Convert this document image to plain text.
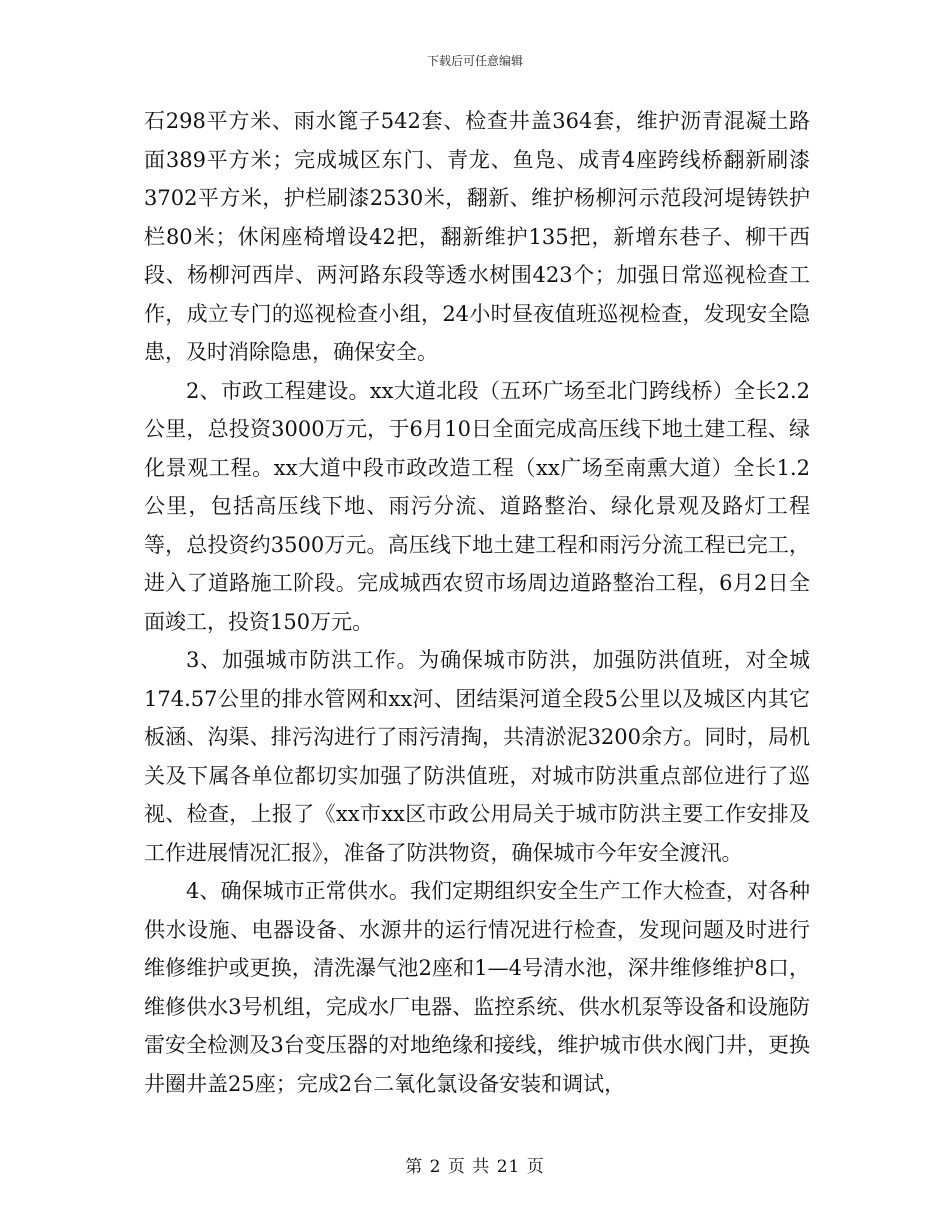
下载后可任意编辑

石298平方米、雨水篦子542套、检查井盖364套，维护沥青混凝土路面389平方米；完成城区东门、青龙、鱼凫、成青4座跨线桥翻新刷漆3702平方米，护栏刷漆2530米，翻新、维护杨柳河示范段河堤铸铁护栏80米；休闲座椅增设42把，翻新维护135把，新增东巷子、柳干西段、杨柳河西岸、两河路东段等透水树围423个；加强日常巡视检查工作，成立专门的巡视检查小组，24小时昼夜值班巡视检查，发现安全隐患，及时消除隐患，确保安全。

2、市政工程建设。xx大道北段（五环广场至北门跨线桥）全长2.2公里，总投资3000万元，于6月10日全面完成高压线下地土建工程、绿化景观工程。xx大道中段市政改造工程（xx广场至南熏大道）全长1.2公里，包括高压线下地、雨污分流、道路整治、绿化景观及路灯工程等，总投资约3500万元。高压线下地土建工程和雨污分流工程已完工，进入了道路施工阶段。完成城西农贸市场周边道路整治工程，6月2日全面竣工，投资150万元。

3、加强城市防洪工作。为确保城市防洪，加强防洪值班，对全城174.57公里的排水管网和xx河、团结渠河道全段5公里以及城区内其它板涵、沟渠、排污沟进行了雨污清掏，共清淤泥3200余方。同时，局机关及下属各单位都切实加强了防洪值班，对城市防洪重点部位进行了巡视、检查，上报了《xx市xx区市政公用局关于城市防洪主要工作安排及工作进展情况汇报》，准备了防洪物资，确保城市今年安全渡汛。

4、确保城市正常供水。我们定期组织安全生产工作大检查，对各种供水设施、电器设备、水源井的运行情况进行检查，发现问题及时进行维修维护或更换，清洗瀑气池2座和1—4号清水池，深井维修维护8口，维修供水3号机组，完成水厂电器、监控系统、供水机泵等设备和设施防雷安全检测及3台变压器的对地绝缘和接线，维护城市供水阀门井，更换井圈井盖25座；完成2台二氧化氯设备安装和调试，

第 2 页 共 21 页
